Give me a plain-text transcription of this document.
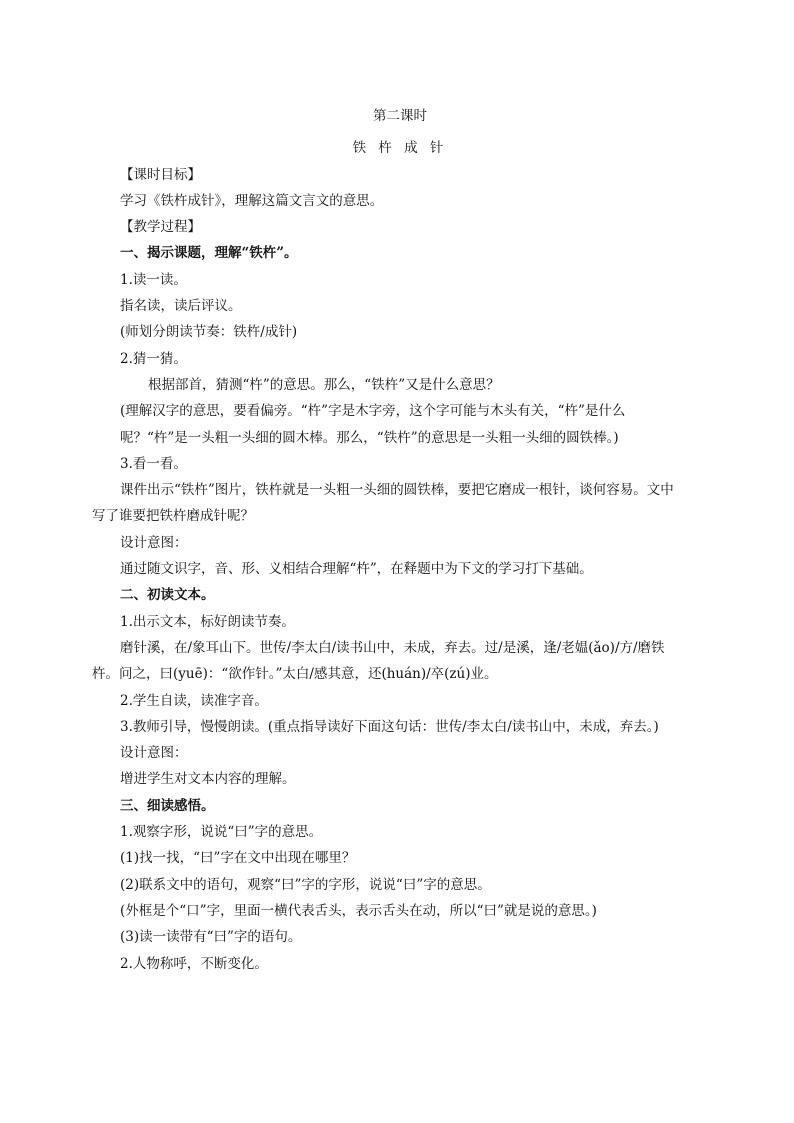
第二课时
铁 杵 成 针
【课时目标】
学习《铁杵成针》，理解这篇文言文的意思。
【教学过程】
一、揭示课题，理解“铁杵”。
1.读一读。
指名读，读后评议。
(师划分朗读节奏：铁杵/成针)
2.猜一猜。
根据部首，猜测“杵”的意思。那么，“铁杵”又是什么意思？
(理解汉字的意思，要看偏旁。“杵”字是木字旁，这个字可能与木头有关，“杵”是什么呢？“杵”是一头粗一头细的圆木棒。那么，“铁杵”的意思是一头粗一头细的圆铁棒。)
3.看一看。
课件出示“铁杵”图片，铁杵就是一头粗一头细的圆铁棒，要把它磨成一根针，谈何容易。文中写了谁要把铁杵磨成针呢？
设计意图：
通过随文识字，音、形、义相结合理解“杵”，在释题中为下文的学习打下基础。
二、初读文本。
1.出示文本，标好朗读节奏。
磨针溪，在/象耳山下。世传/李太白/读书山中，未成，弃去。过/是溪，逢/老媪(ǎo)/方/磨铁杵。问之，曰(yuē)：“欲作针。”太白/感其意，还(huán)/卒(zú)业。
2.学生自读，读准字音。
3.教师引导，慢慢朗读。(重点指导读好下面这句话：世传/李太白/读书山中，未成，弃去。)
设计意图：
增进学生对文本内容的理解。
三、细读感悟。
1.观察字形，说说“曰”字的意思。
(1)找一找，“曰”字在文中出现在哪里？
(2)联系文中的语句，观察“曰”字的字形，说说“曰”字的意思。
(外框是个“口”字，里面一横代表舌头，表示舌头在动，所以“曰”就是说的意思。)
(3)读一读带有“曰”字的语句。
2.人物称呼，不断变化。
